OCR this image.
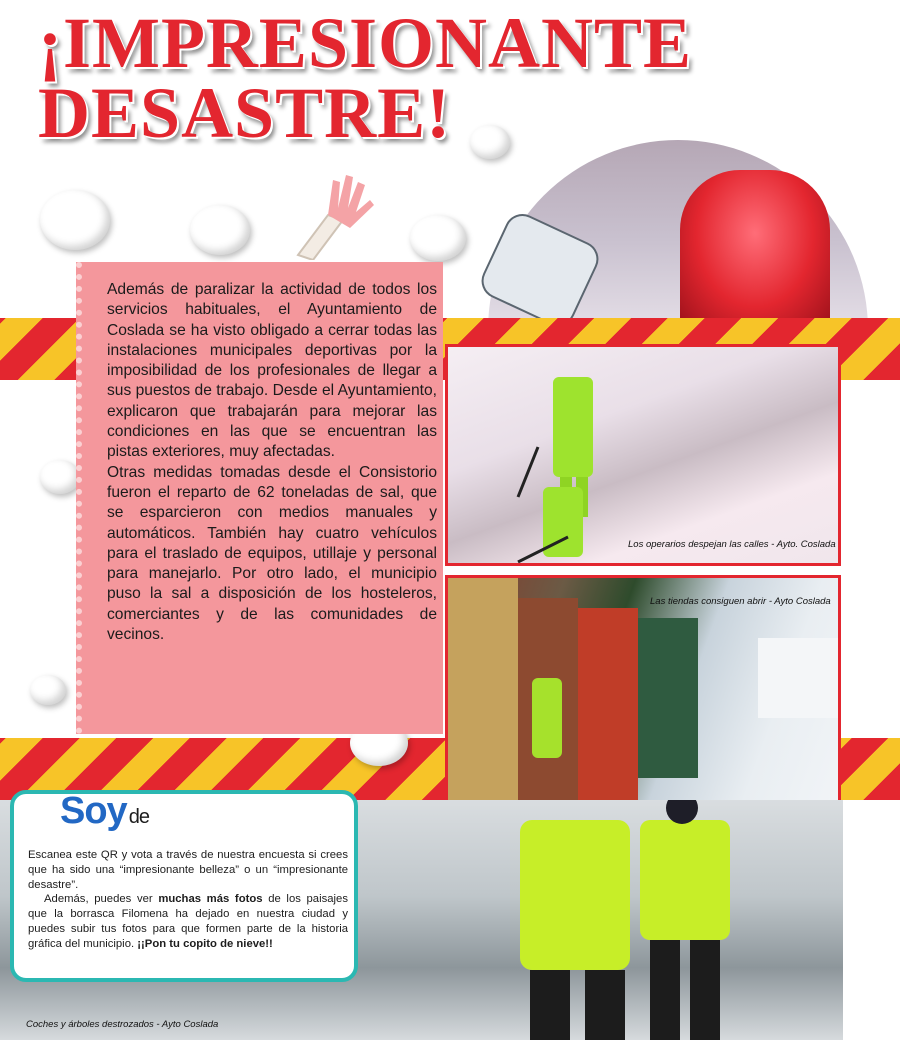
¡IMPRESIONANTE
DESASTRE!

Además de paralizar la actividad de todos los servicios habituales, el Ayuntamiento de Coslada se ha visto obligado a cerrar todas las instalaciones municipales deportivas por la imposibilidad de los profesionales de llegar a sus puestos de trabajo. Desde el Ayuntamiento, explicaron que trabajarán para mejorar las condiciones en las que se encuentran las pistas exteriores, muy afectadas.

Otras medidas tomadas desde el Consistorio fueron el reparto de 62 toneladas de sal, que se esparcieron con medios manuales y automáticos. También hay cuatro vehículos para el traslado de equipos, utillaje y personal para manejarlo. Por otro lado, el municipio puso la sal a disposición de los hosteleros, comerciantes y de las comunidades de vecinos.

Los operarios despejan las calles - Ayto. Coslada
Las tiendas consiguen abrir - Ayto Coslada
Coches y árboles destrozados - Ayto Coslada
Soy de

Escanea este QR y vota a través de nuestra encuesta si crees que ha sido una “impresionante belleza” o un “impresionante desastre”.

Además, puedes ver muchas más fotos de los paisajes que la borrasca Filomena ha dejado en nuestra ciudad y puedes subir tus fotos para que formen parte de la historia gráfica del municipio. ¡¡Pon tu copito de nieve!!
